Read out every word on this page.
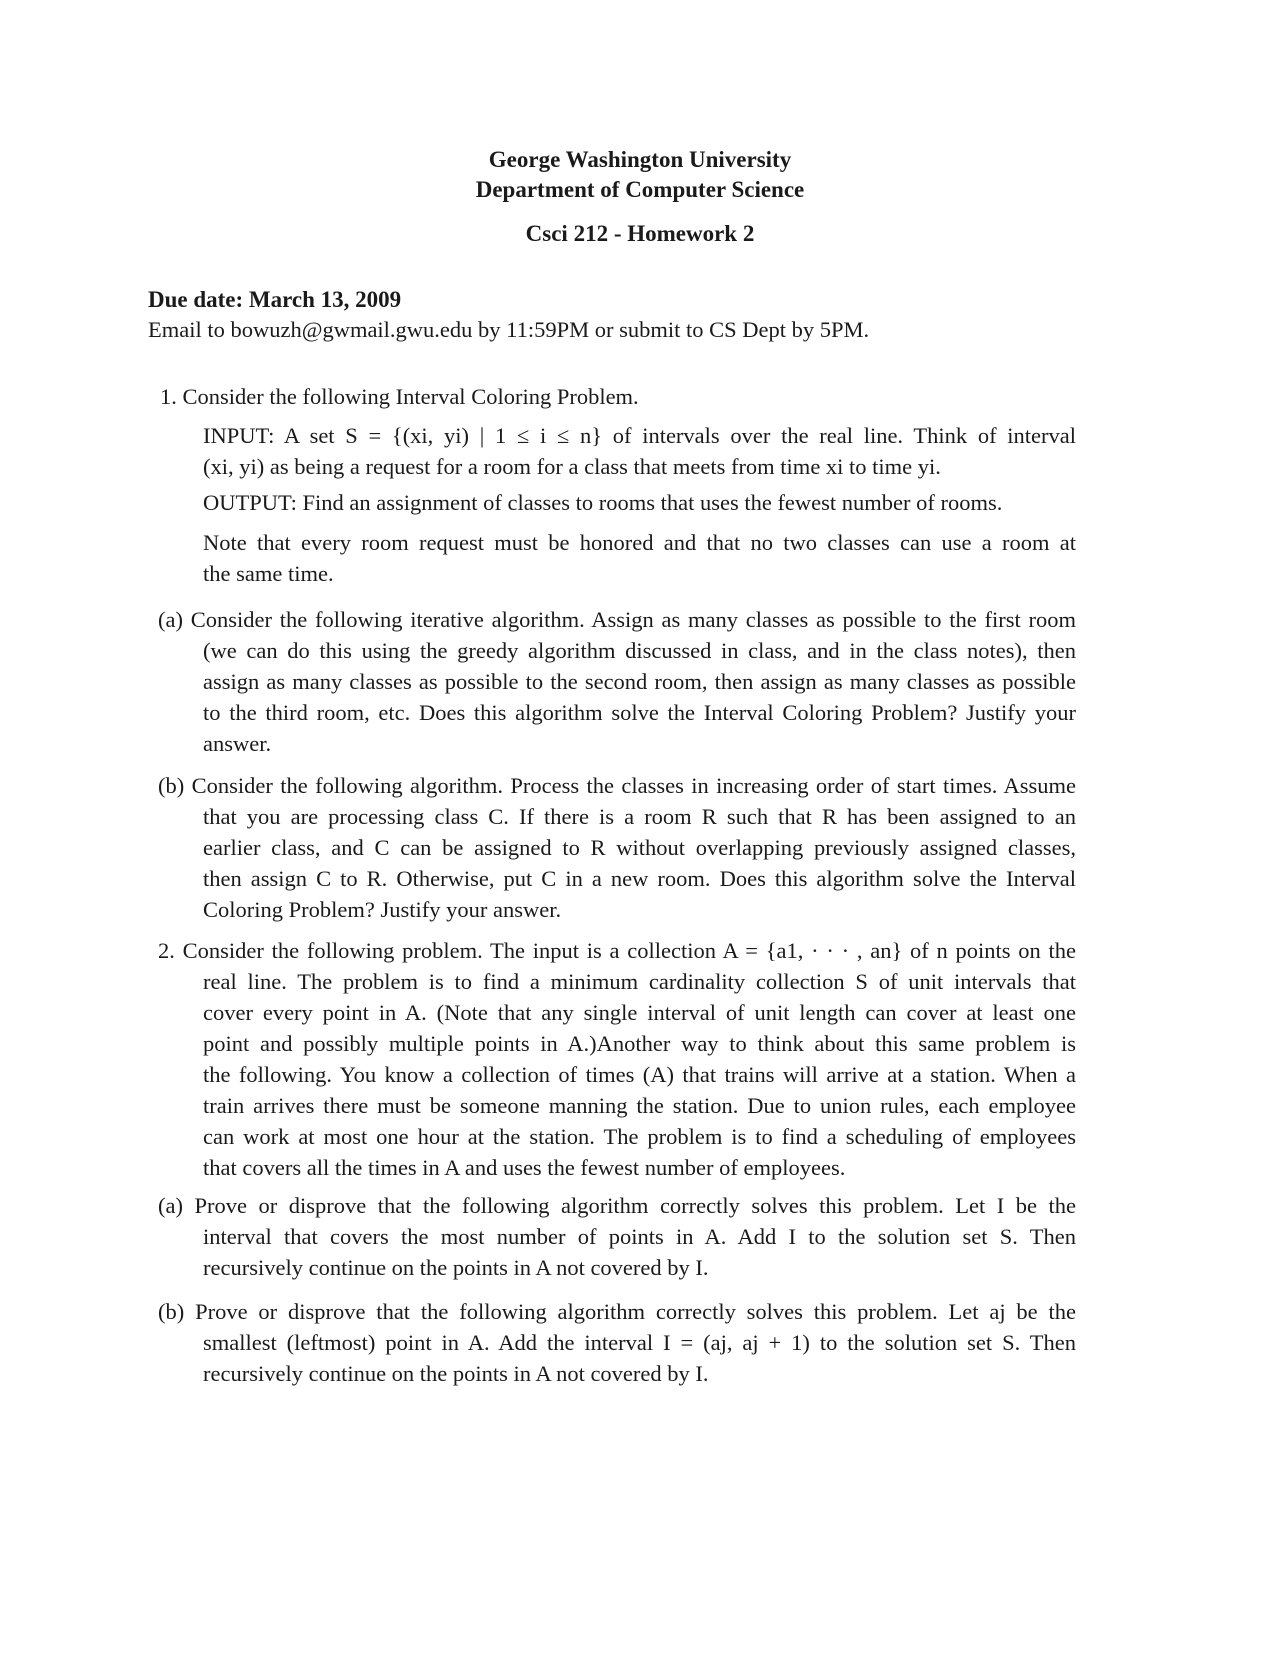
George Washington University
Department of Computer Science
Csci 212 - Homework 2
Due date: March 13, 2009
Email to bowuzh@gwmail.gwu.edu by 11:59PM or submit to CS Dept by 5PM.
1. Consider the following Interval Coloring Problem.
INPUT: A set S = {(xi, yi) | 1 ≤ i ≤ n} of intervals over the real line. Think of interval
(xi, yi) as being a request for a room for a class that meets from time xi to time yi.
OUTPUT: Find an assignment of classes to rooms that uses the fewest number of rooms.
Note that every room request must be honored and that no two classes can use a room at
the same time.
(a) Consider the following iterative algorithm. Assign as many classes as possible to the first room
(we can do this using the greedy algorithm discussed in class, and in the class notes), then
assign as many classes as possible to the second room, then assign as many classes as possible
to the third room, etc. Does this algorithm solve the Interval Coloring Problem? Justify your
answer.
(b) Consider the following algorithm. Process the classes in increasing order of start times. Assume
that you are processing class C. If there is a room R such that R has been assigned to an
earlier class, and C can be assigned to R without overlapping previously assigned classes,
then assign C to R. Otherwise, put C in a new room. Does this algorithm solve the Interval
Coloring Problem? Justify your answer.
2. Consider the following problem. The input is a collection A = {a1, · · · , an} of n points on the
real line. The problem is to find a minimum cardinality collection S of unit intervals that
cover every point in A. (Note that any single interval of unit length can cover at least one
point and possibly multiple points in A.)Another way to think about this same problem is
the following. You know a collection of times (A) that trains will arrive at a station. When a
train arrives there must be someone manning the station. Due to union rules, each employee
can work at most one hour at the station. The problem is to find a scheduling of employees
that covers all the times in A and uses the fewest number of employees.
(a) Prove or disprove that the following algorithm correctly solves this problem. Let I be the
interval that covers the most number of points in A. Add I to the solution set S. Then
recursively continue on the points in A not covered by I.
(b) Prove or disprove that the following algorithm correctly solves this problem. Let aj be the
smallest (leftmost) point in A. Add the interval I = (aj, aj + 1) to the solution set S. Then
recursively continue on the points in A not covered by I.
